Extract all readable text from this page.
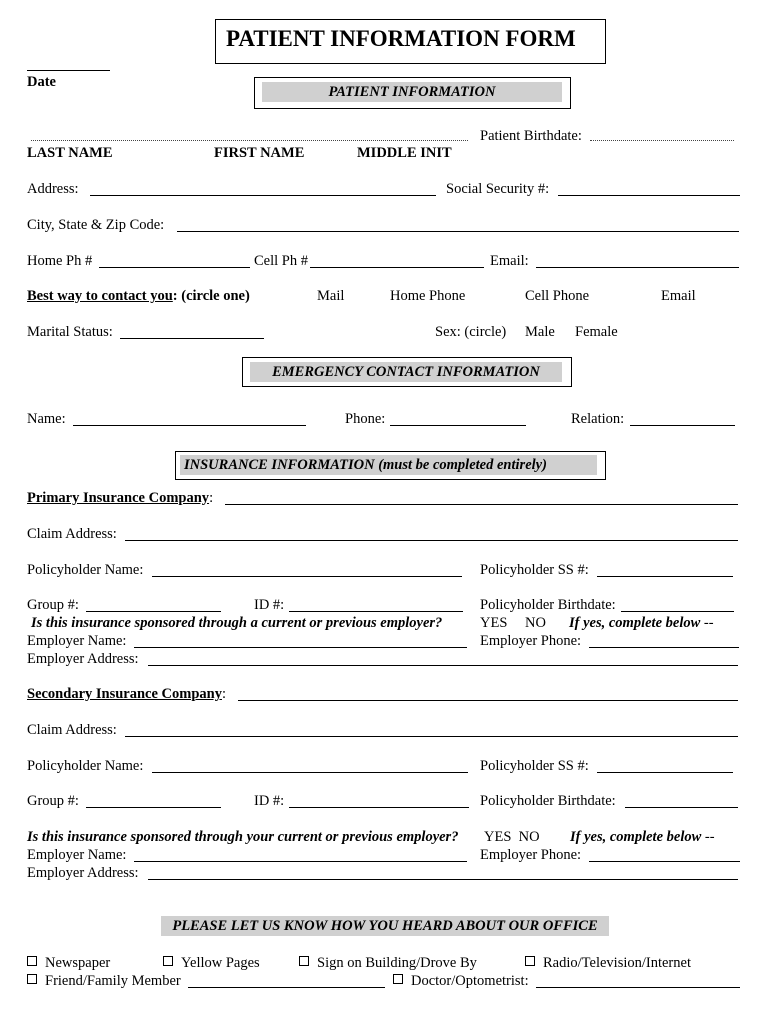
PATIENT INFORMATION FORM
Date
PATIENT INFORMATION
Patient Birthdate:
LAST NAME	FIRST NAME	MIDDLE INIT
Address:	Social Security #:
City, State & Zip Code:
Home Ph #	Cell Ph #	Email:
Best way to contact you: (circle one)	Mail	Home Phone	Cell Phone	Email
Marital Status:	Sex: (circle) Male Female
EMERGENCY CONTACT INFORMATION
Name:	Phone:	Relation:
INSURANCE INFORMATION (must be completed entirely)
Primary Insurance Company:
Claim Address:
Policyholder Name:	Policyholder SS #:
Group #:	ID #:	Policyholder Birthdate:
Is this insurance sponsored through a current or previous employer?	YES NO If yes, complete below --
Employer Name:	Employer Phone:
Employer Address:
Secondary Insurance Company:
Claim Address:
Policyholder Name:	Policyholder SS #:
Group #:	ID #:	Policyholder Birthdate:
Is this insurance sponsored through your current or previous employer? YES  NO If yes, complete below --
Employer Name:	Employer Phone:
Employer Address:
PLEASE LET US KNOW HOW YOU HEARD ABOUT OUR OFFICE
Newspaper	Yellow Pages	Sign on Building/Drove By	Radio/Television/Internet
Friend/Family Member	Doctor/Optometrist:
